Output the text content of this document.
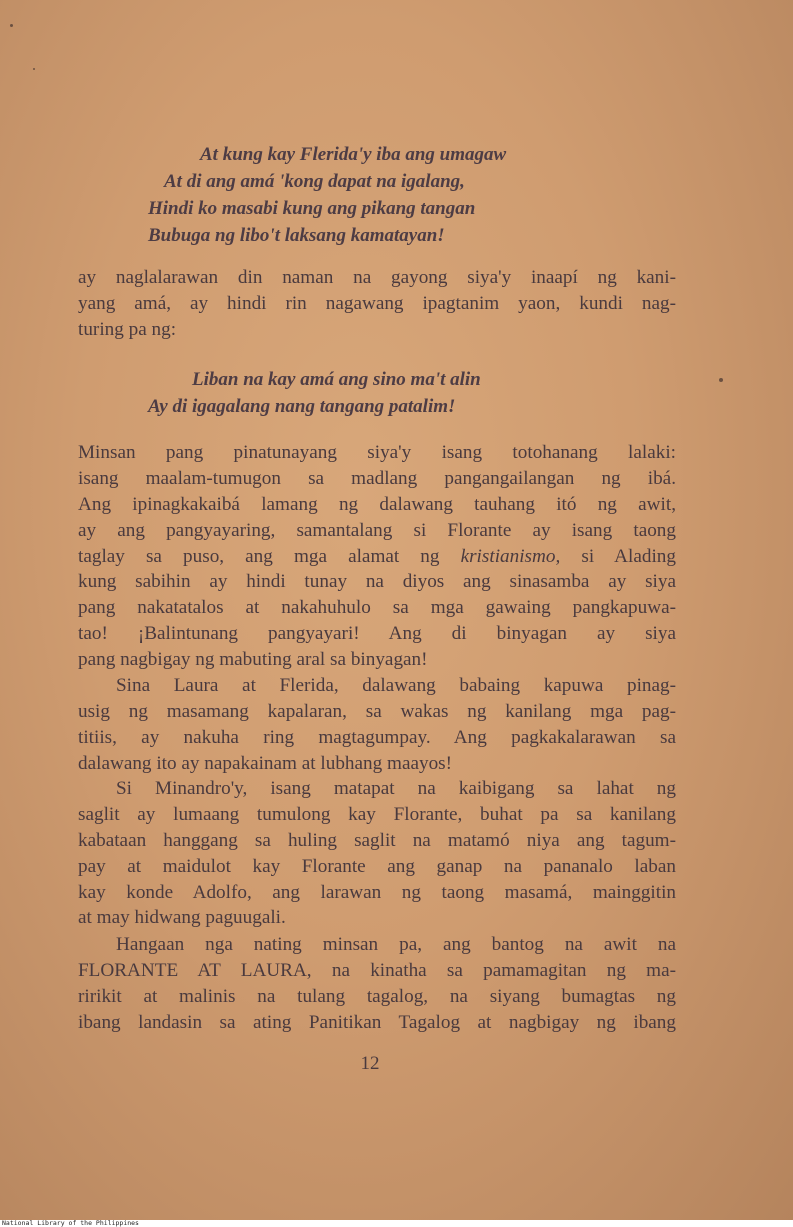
At kung kay Flerida'y iba ang umagaw
At di ang amá 'kong dapat na igalang,
Hindi ko masabi kung ang pikang tangan
Bubuga ng libo't laksang kamatayan!
ay naglalarawan din naman na gayong siya'y inaapí ng kani-
yang amá, ay hindi rin nagawang ipagtanim yaon, kundi nag-
turing pa ng:
Liban na kay amá ang sino ma't alin
Ay di igagalang nang tangang patalim!
Minsan pang pinatunayang siya'y isang totohanang lalaki:
isang maalam-tumugon sa madlang pangangailangan ng ibá.
Ang ipinagkakaibá lamang ng dalawang tauhang itó ng awit,
ay ang pangyayaring, samantalang si Florante ay isang taong
taglay sa puso, ang mga alamat ng kristianismo, si Alading
kung sabihin ay hindi tunay na diyos ang sinasamba ay siya
pang nakatatalos at nakahuhulo sa mga gawaing pangkapuwa-
tao! ¡Balintunang pangyayari! Ang di binyagan ay siya
pang nagbigay ng mabuting aral sa binyagan!
Sina Laura at Flerida, dalawang babaing kapuwa pinag-
usig ng masamang kapalaran, sa wakas ng kanilang mga pag-
titiis, ay nakuha ring magtagumpay. Ang pagkakalarawan sa
dalawang ito ay napakainam at lubhang maayos!
Si Minandro'y, isang matapat na kaibigang sa lahat ng
saglit ay lumaang tumulong kay Florante, buhat pa sa kanilang
kabataan hanggang sa huling saglit na matamó niya ang tagum-
pay at maidulot kay Florante ang ganap na pananalo laban
kay konde Adolfo, ang larawan ng taong masamá, mainggitin
at may hidwang paguugali.
Hangaan nga nating minsan pa, ang bantog na awit na
FLORANTE AT LAURA, na kinatha sa pamamagitan ng ma-
ririkit at malinis na tulang tagalog, na siyang bumagtas ng
ibang landasin sa ating Panitikan Tagalog at nagbigay ng ibang
12
National Library of the Philippines
